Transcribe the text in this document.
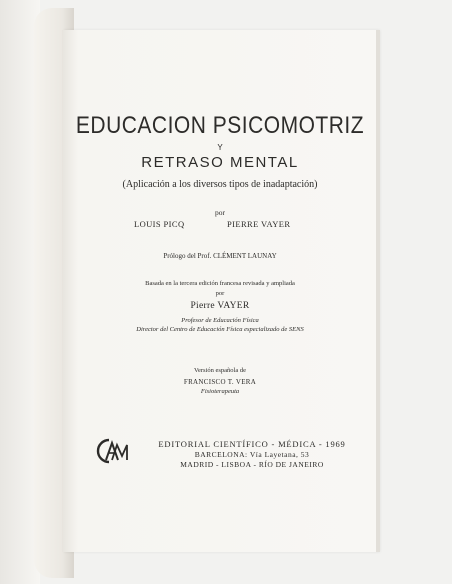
EDUCACION PSICOMOTRIZ
Y
RETRASO MENTAL
(Aplicación a los diversos tipos de inadaptación)
por
LOUIS PICQ	PIERRE VAYER
Prólogo del Prof. CLÉMENT LAUNAY
Basada en la tercera edición francesa revisada y ampliada
por
Pierre VAYER
Profesor de Educación Física
Director del Centro de Educación Física especializado de SENS
Versión española de
FRANCISCO T. VERA
Fisioterapeuta
EDITORIAL CIENTÍFICO - MÉDICA - 1969
BARCELONA: Vía Layetana, 53
MADRID - LISBOA - RÍO DE JANEIRO
